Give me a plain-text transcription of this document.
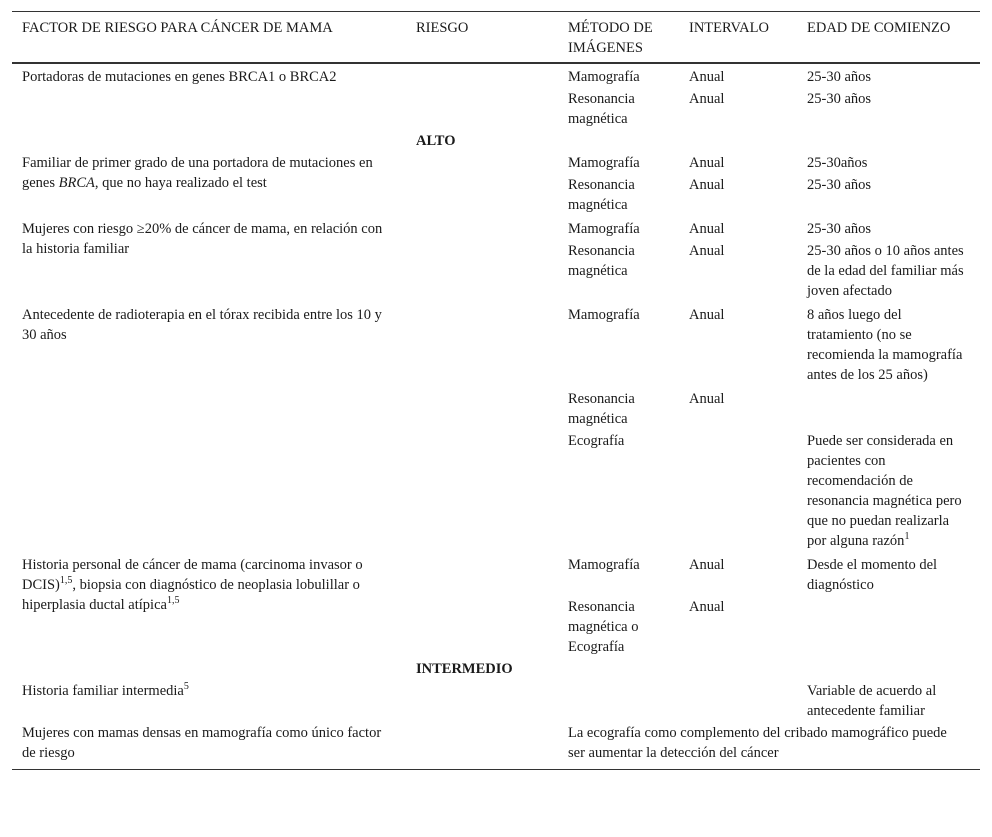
FACTOR DE RIESGO PARA CÁNCER DE MAMA	RIESGO	MÉTODO DE IMÁGENES	INTERVALO	EDAD DE COMIENZO
Portadoras de mutaciones en genes BRCA1 o BRCA2		Mamografía	Anual	25-30 años
		Resonancia magnética	Anual	25-30 años
	ALTO			
Familiar de primer grado de una portadora de mutaciones en genes BRCA, que no haya realizado el test		Mamografía	Anual	25-30años
		Resonancia magnética	Anual	25-30 años
Mujeres con riesgo ≥20% de cáncer de mama, en relación con la historia familiar		Mamografía	Anual	25-30 años
		Resonancia magnética	Anual	25-30 años o 10 años antes de la edad del familiar más joven afectado
Antecedente de radioterapia en el tórax recibida entre los 10 y 30 años		Mamografía	Anual	8 años luego del tratamiento (no se recomienda la mamografía antes de los 25 años)
		Resonancia magnética	Anual	
		Ecografía		Puede ser considerada en pacientes con recomendación de resonancia magnética pero que no puedan realizarla por alguna razón$^1$
Historia personal de cáncer de mama (carcinoma invasor o DCIS)$^{1,5}$, biopsia con diagnóstico de neoplasia lobulillar o hiperplasia ductal atípica$^{1,5}$		Mamografía	Anual	Desde el momento del diagnóstico
		Resonancia magnética o Ecografía	Anual	
	INTERMEDIO			
Historia familiar intermedia$^5$				Variable de acuerdo al antecedente familiar
Mujeres con mamas densas en mamografía como único factor de riesgo		La ecografía como complemento del cribado mamográfico puede ser aumentar la detección del cáncer		
